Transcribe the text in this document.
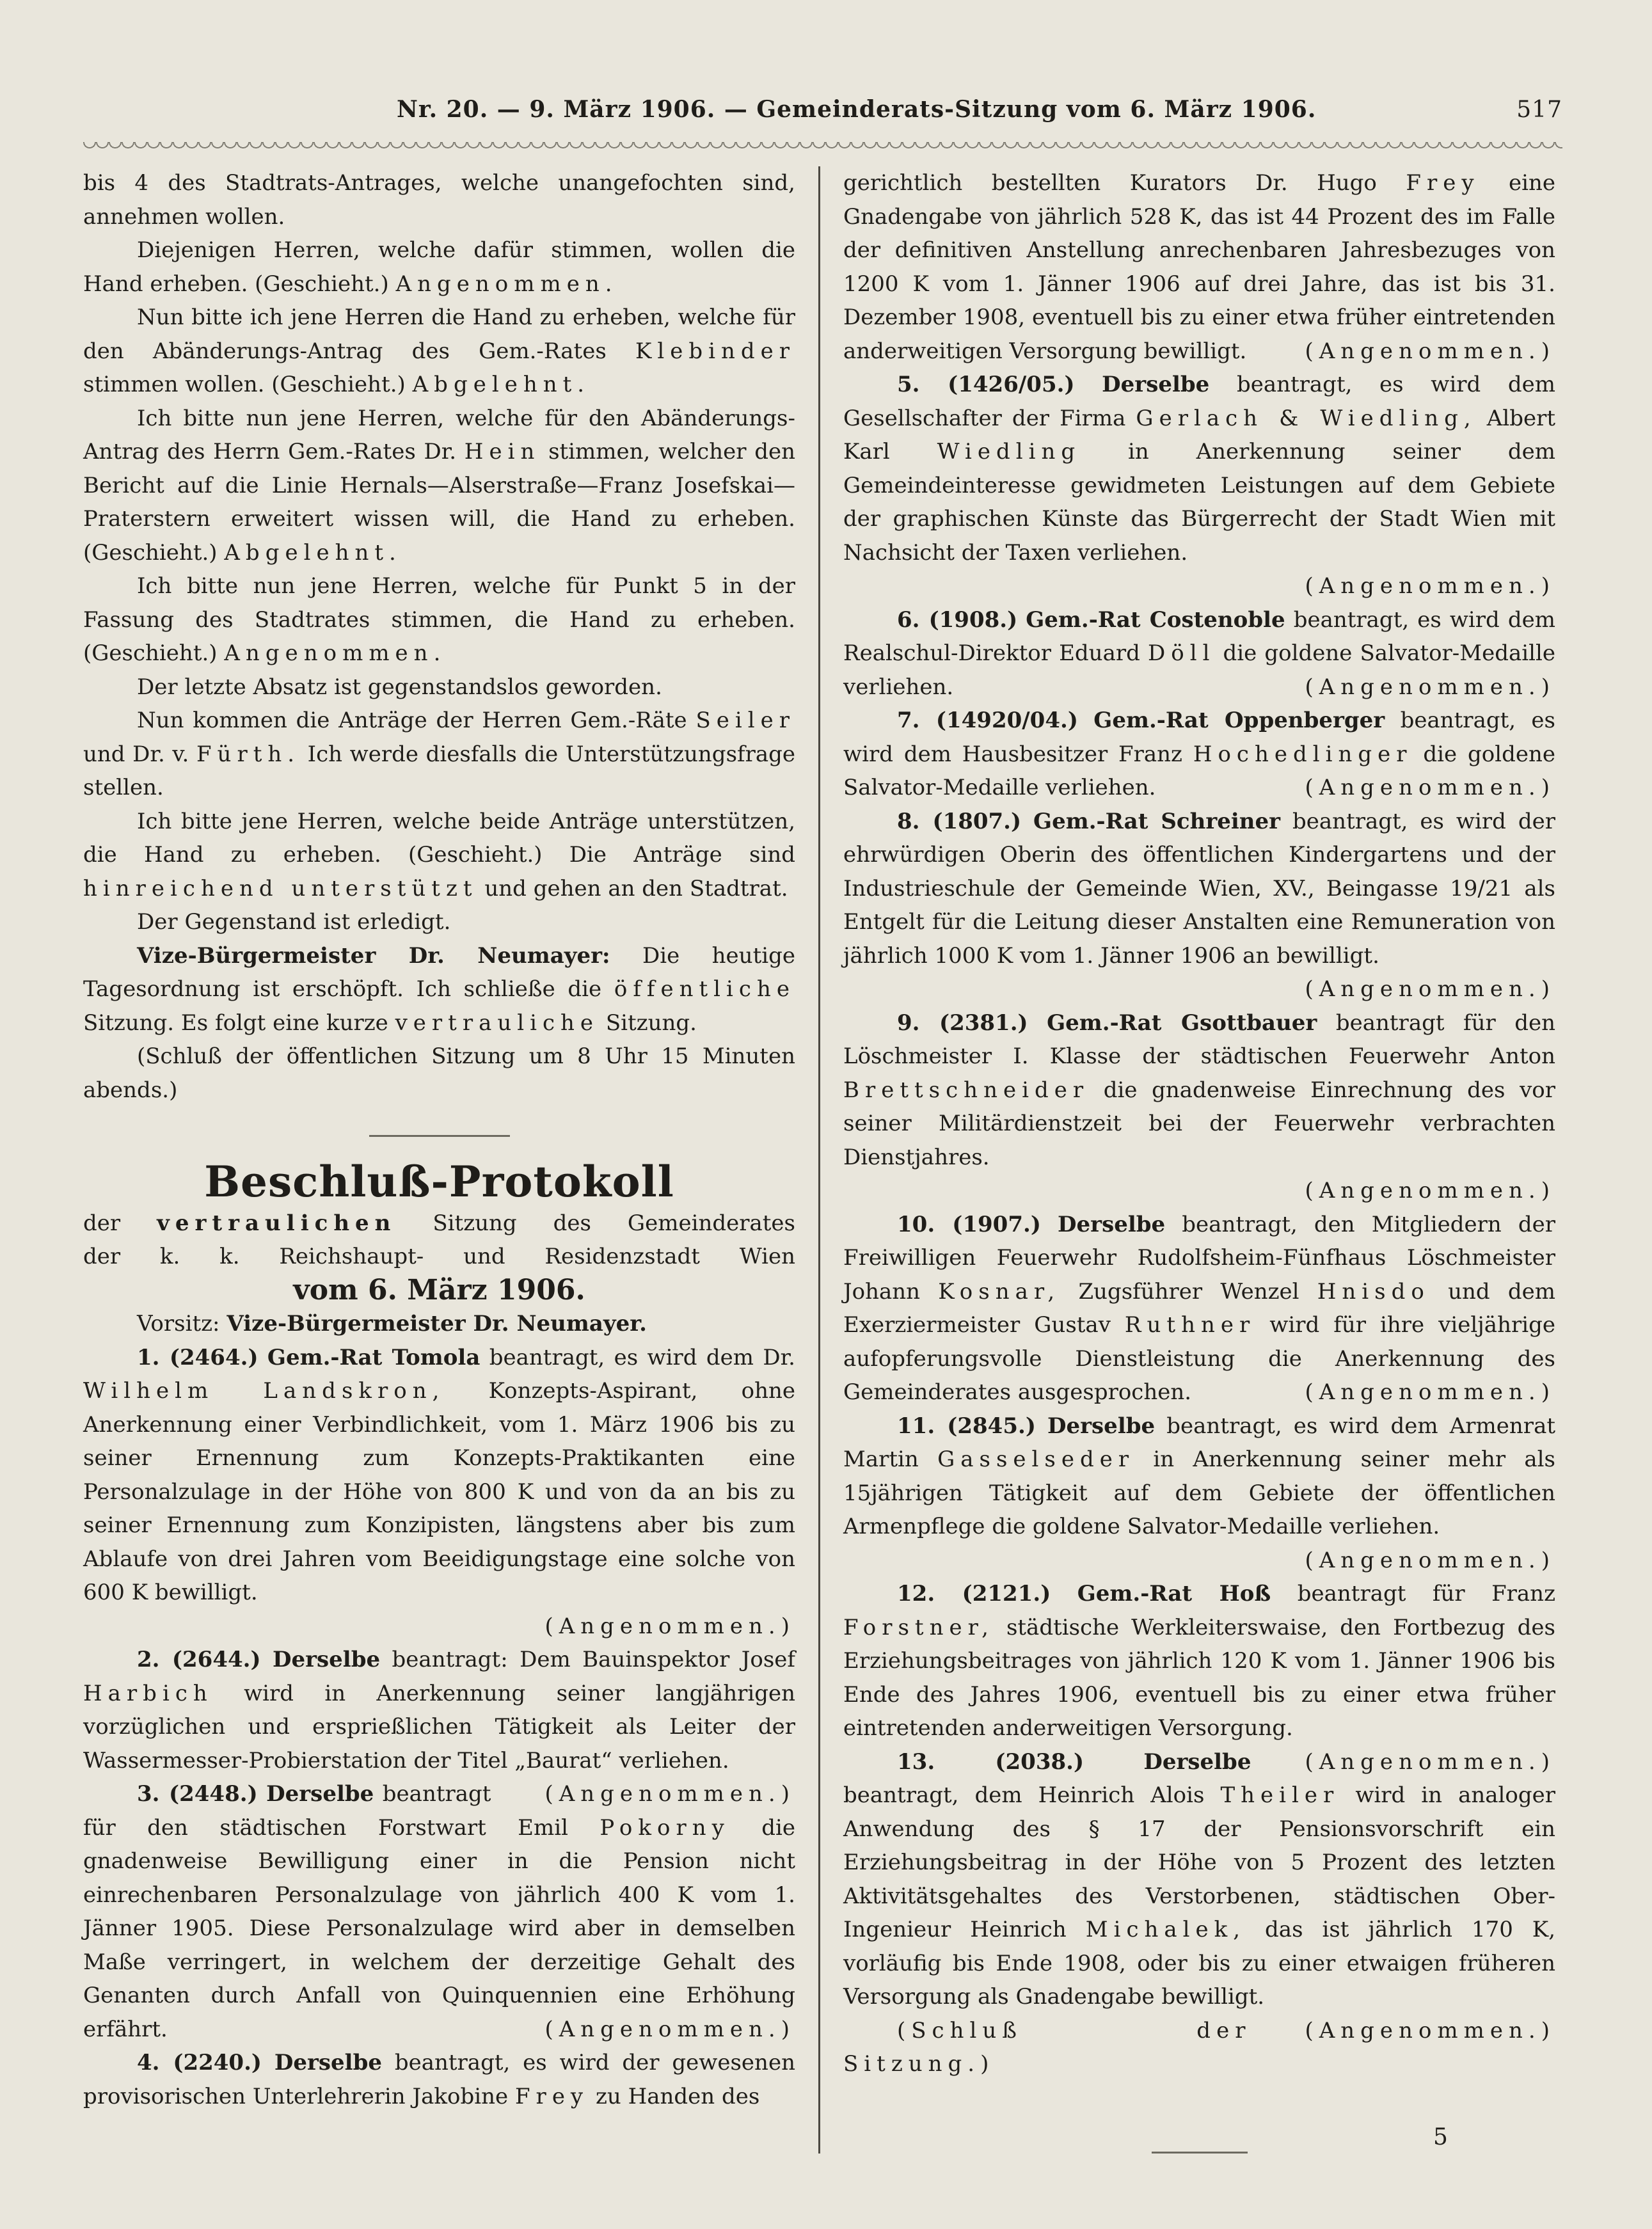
Nr. 20. — 9. März 1906. — Gemeinderats-Sitzung vom 6. März 1906.	517

bis 4 des Stadtrats-Antrages, welche unangefochten sind, annehmen wollen.

Diejenigen Herren, welche dafür stimmen, wollen die Hand erheben. (Geschieht.) Angenommen.

Nun bitte ich jene Herren die Hand zu erheben, welche für den Abänderungs-Antrag des Gem.-Rates Klebinder stimmen wollen. (Geschieht.) Abgelehnt.

Ich bitte nun jene Herren, welche für den Abänderungs-Antrag des Herrn Gem.-Rates Dr. Hein stimmen, welcher den Bericht auf die Linie Hernals—Alserstraße—Franz Josefskai—Praterstern erweitert wissen will, die Hand zu erheben. (Geschieht.) Abgelehnt.

Ich bitte nun jene Herren, welche für Punkt 5 in der Fassung des Stadtrates stimmen, die Hand zu erheben. (Geschieht.) Angenommen.

Der letzte Absatz ist gegenstandslos geworden.

Nun kommen die Anträge der Herren Gem.-Räte Seiler und Dr. v. Fürth. Ich werde diesfalls die Unterstützungsfrage stellen.

Ich bitte jene Herren, welche beide Anträge unterstützen, die Hand zu erheben. (Geschieht.) Die Anträge sind hinreichend unterstützt und gehen an den Stadtrat.

Der Gegenstand ist erledigt.

Vize-Bürgermeister Dr. Neumayer: Die heutige Tagesordnung ist erschöpft. Ich schließe die öffentliche Sitzung. Es folgt eine kurze vertrauliche Sitzung.

(Schluß der öffentlichen Sitzung um 8 Uhr 15 Minuten abends.)

Beschluß-Protokoll

der vertraulichen Sitzung des Gemeinderates

der k. k. Reichshaupt- und Residenzstadt Wien

vom 6. März 1906.

Vorsitz: Vize-Bürgermeister Dr. Neumayer.

1. (2464.) Gem.-Rat Tomola beantragt, es wird dem Dr. Wilhelm Landskron, Konzepts-Aspirant, ohne Anerkennung einer Verbindlichkeit, vom 1. März 1906 bis zu seiner Ernennung zum Konzepts-Praktikanten eine Personalzulage in der Höhe von 800 K und von da an bis zu seiner Ernennung zum Konzipisten, längstens aber bis zum Ablaufe von drei Jahren vom Beeidigungstage eine solche von 600 K bewilligt.

(Angenommen.)

2. (2644.) Derselbe beantragt: Dem Bauinspektor Josef Harbich wird in Anerkennung seiner langjährigen vorzüglichen und ersprießlichen Tätigkeit als Leiter der Wassermesser-Probierstation der Titel „Baurat“ verliehen.
(Angenommen.)

3. (2448.) Derselbe beantragt für den städtischen Forstwart Emil Pokorny die gnadenweise Bewilligung einer in die Pension nicht einrechenbaren Personalzulage von jährlich 400 K vom 1. Jänner 1905. Diese Personalzulage wird aber in demselben Maße verringert, in welchem der derzeitige Gehalt des Genanten durch Anfall von Quinquennien eine Erhöhung erfährt.	(Angenommen.)

4. (2240.) Derselbe beantragt, es wird der gewesenen provisorischen Unterlehrerin Jakobine Frey zu Handen des

gerichtlich bestellten Kurators Dr. Hugo Frey eine Gnadengabe von jährlich 528 K, das ist 44 Prozent des im Falle der definitiven Anstellung anrechenbaren Jahresbezuges von 1200 K vom 1. Jänner 1906 auf drei Jahre, das ist bis 31. Dezember 1908, eventuell bis zu einer etwa früher eintretenden anderweitigen Versorgung bewilligt.	(Angenommen.)

5. (1426/05.) Derselbe beantragt, es wird dem Gesellschafter der Firma Gerlach & Wiedling, Albert Karl Wiedling in Anerkennung seiner dem Gemeindeinteresse gewidmeten Leistungen auf dem Gebiete der graphischen Künste das Bürgerrecht der Stadt Wien mit Nachsicht der Taxen verliehen.

(Angenommen.)

6. (1908.) Gem.-Rat Costenoble beantragt, es wird dem Realschul-Direktor Eduard Döll die goldene Salvator-Medaille verliehen.	(Angenommen.)

7. (14920/04.) Gem.-Rat Oppenberger beantragt, es wird dem Hausbesitzer Franz Hochedlinger die goldene Salvator-Medaille verliehen.	(Angenommen.)

8. (1807.) Gem.-Rat Schreiner beantragt, es wird der ehrwürdigen Oberin des öffentlichen Kindergartens und der Industrieschule der Gemeinde Wien, XV., Beingasse 19/21 als Entgelt für die Leitung dieser Anstalten eine Remuneration von jährlich 1000 K vom 1. Jänner 1906 an bewilligt.

(Angenommen.)

9. (2381.) Gem.-Rat Gsottbauer beantragt für den Löschmeister I. Klasse der städtischen Feuerwehr Anton Brettschneider die gnadenweise Einrechnung des vor seiner Militärdienstzeit bei der Feuerwehr verbrachten Dienstjahres.

(Angenommen.)

10. (1907.) Derselbe beantragt, den Mitgliedern der Freiwilligen Feuerwehr Rudolfsheim-Fünfhaus Löschmeister Johann Kosnar, Zugsführer Wenzel Hnisdo und dem Exerziermeister Gustav Ruthner wird für ihre vieljährige aufopferungsvolle Dienstleistung die Anerkennung des Gemeinderates ausgesprochen.	(Angenommen.)

11. (2845.) Derselbe beantragt, es wird dem Armenrat Martin Gasselseder in Anerkennung seiner mehr als 15jährigen Tätigkeit auf dem Gebiete der öffentlichen Armenpflege die goldene Salvator-Medaille verliehen.

(Angenommen.)

12. (2121.) Gem.-Rat Hoß beantragt für Franz Forstner, städtische Werkleiterswaise, den Fortbezug des Erziehungsbeitrages von jährlich 120 K vom 1. Jänner 1906 bis Ende des Jahres 1906, eventuell bis zu einer etwa früher eintretenden anderweitigen Versorgung.
(Angenommen.)

13. (2038.)	Derselbe beantragt, dem Heinrich Alois Theiler wird in analoger Anwendung des § 17 der Pensionsvorschrift ein Erziehungsbeitrag in der Höhe von 5 Prozent des letzten Aktivitätsgehaltes des Verstorbenen, städtischen Ober-Ingenieur Heinrich Michalek, das ist jährlich 170 K, vorläufig bis Ende 1908, oder bis zu einer etwaigen früheren Versorgung als Gnadengabe bewilligt.
(Angenommen.)

(Schluß der Sitzung.)

5
